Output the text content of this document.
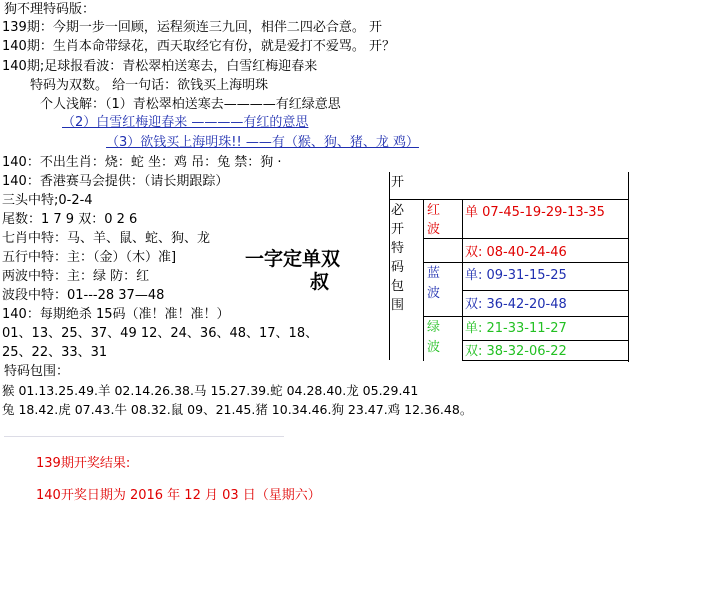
狗不理特码版：
139期：今期一步一回顾，运程须连三九回，相伴二四必合意。 开
140期：生肖本命带绿花，西天取经它有份，就是爱打不爱骂。 开？
140期;足球报看波：青松翠柏送寒去，白雪红梅迎春来
特码为双数。 给一句话：欲钱买上海明珠
个人浅解：（1）青松翠柏送寒去————有红绿意思
（2）白雪红梅迎春来 ————有红的意思
（3）欲钱买上海明珠!! ——有（猴、狗、猪、龙 鸡）
140：不出生肖：烧：蛇 坐：鸡 吊：兔 禁：狗 ·
140：香港赛马会提供：（请长期跟踪）
三头中特;0-2-4
尾数：1 7 9 双：0 2 6
七肖中特：马、羊、鼠、蛇、狗、龙
五行中特：主：（金）（木）准]
两波中特：主：绿 防：红
波段中特：01---28 37—48
140：每期绝杀 15码（准！准！准！）
01、13、25、37、49 12、24、36、48、17、18、
25、22、33、31
特码包围：
猴 01.13.25.49.羊 02.14.26.38.马 15.27.39.蛇 04.28.40.龙 05.29.41
兔 18.42.虎 07.43.牛 08.32.鼠 09、21.45.猪 10.34.46.狗 23.47.鸡 12.36.48。
一字定单双
叔
开
必
开
特
码
包
围
红
波
蓝
波
绿
波
单 07-45-19-29-13-35
双: 08-40-24-46
单: 09-31-15-25
双: 36-42-20-48
单: 21-33-11-27
双: 38-32-06-22
139期开奖结果:
140开奖日期为 2016 年 12 月 03 日（星期六）
